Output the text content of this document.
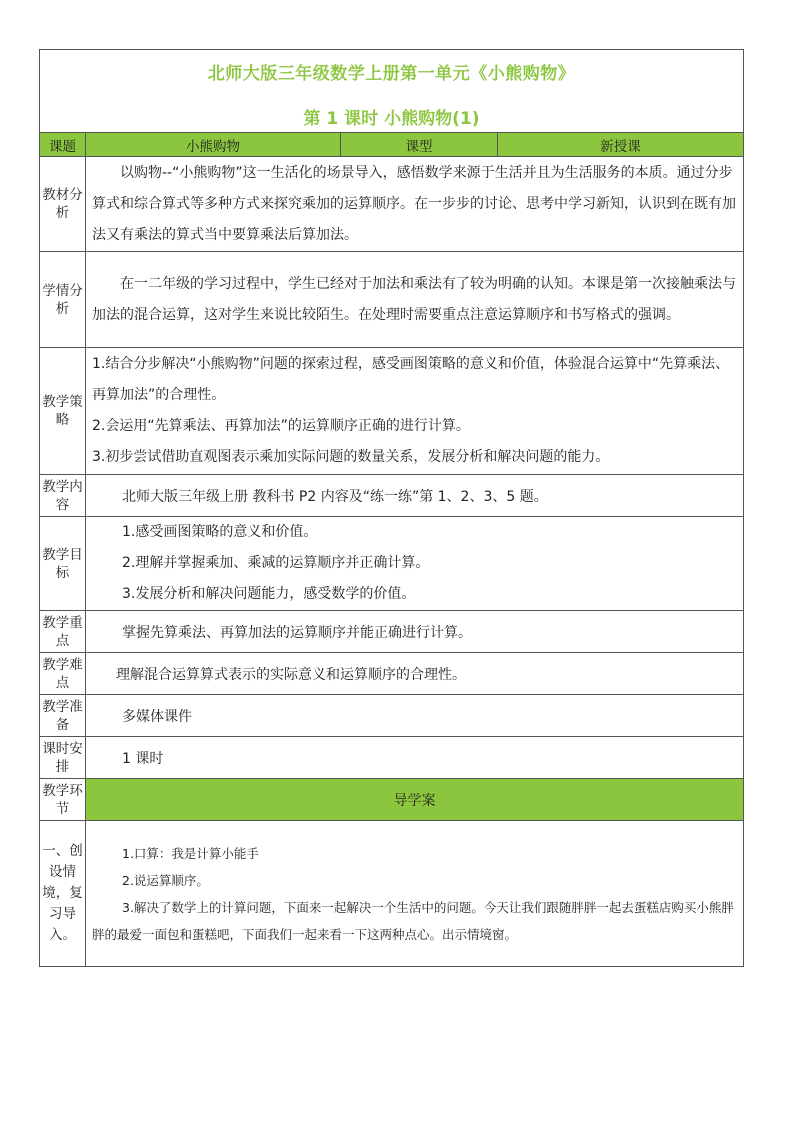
北师大版三年级数学上册第一单元《小熊购物》
第 1 课时 小熊购物(1)			

课题	小熊购物	课型	新授课
教材分析	以购物--“小熊购物”这一生活化的场景导入，感悟数学来源于生活并且为生活服务的本质。通过分步算式和综合算式等多种方式来探究乘加的运算顺序。在一步步的讨论、思考中学习新知，认识到在既有加法又有乘法的算式当中要算乘法后算加法。		

学情分析	在一二年级的学习过程中，学生已经对于加法和乘法有了较为明确的认知。本课是第一次接触乘法与加法的混合运算，这对学生来说比较陌生。在处理时需要重点注意运算顺序和书写格式的强调。		

教学策略	1.结合分步解决“小熊购物”问题的探索过程，感受画图策略的意义和价值，体验混合运算中“先算乘法、再算加法”的合理性。

2.会运用“先算乘法、再算加法”的运算顺序正确的进行计算。

3.初步尝试借助直观图表示乘加实际问题的数量关系，发展分析和解决问题的能力。		

教学内容	北师大版三年级上册 教科书 P2 内容及“练一练”第 1、2、3、5 题。		
教学目标	1.感受画图策略的意义和价值。

2.理解并掌握乘加、乘减的运算顺序并正确计算。

3.发展分析和解决问题能力，感受数学的价值。		

教学重点	掌握先算乘法、再算加法的运算顺序并能正确进行计算。		
教学难点	理解混合运算算式表示的实际意义和运算顺序的合理性。		
教学准备	多媒体课件		
课时安排	1 课时		
教学环节	导学案		
一、创设情境，复习导入。	1.口算：我是计算小能手

2.说运算顺序。

3.解决了数学上的计算问题，下面来一起解决一个生活中的问题。今天让我们跟随胖胖一起去蛋糕店购买小熊胖胖的最爱一面包和蛋糕吧，下面我们一起来看一下这两种点心。出示情境窗。		
